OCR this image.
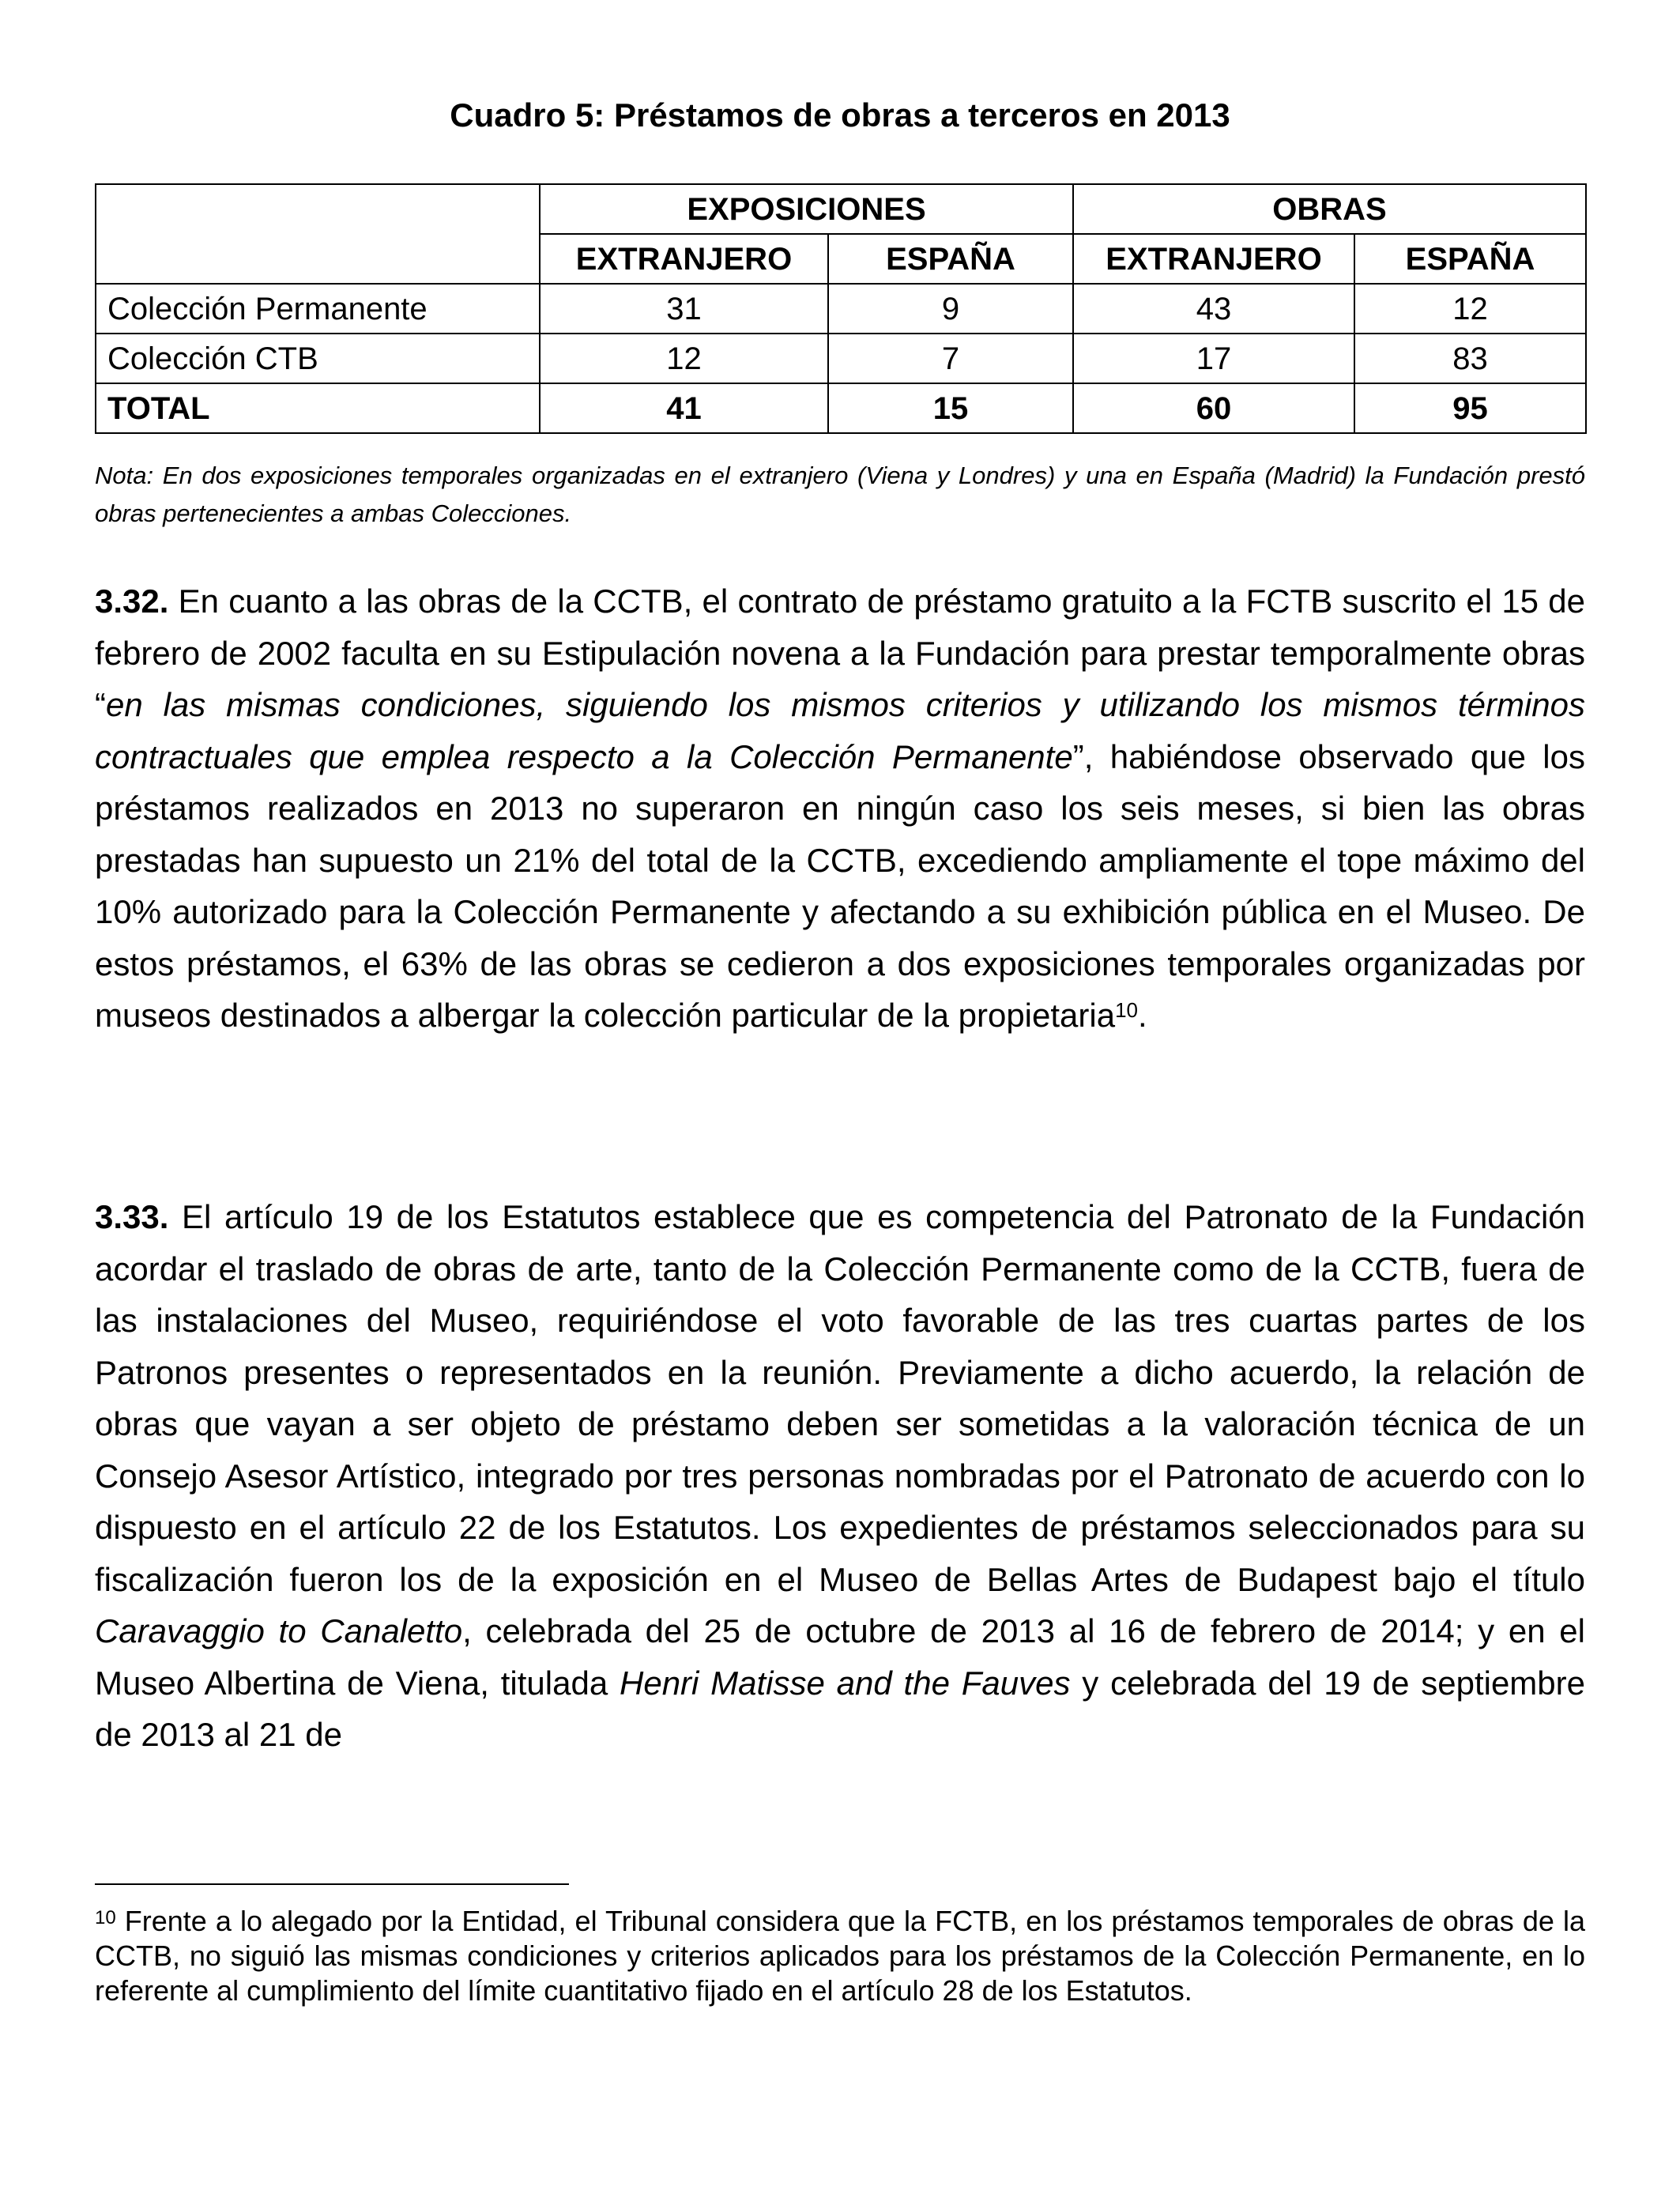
Cuadro 5: Préstamos de obras a terceros en 2013
	EXPOSICIONES		OBRAS	
	EXTRANJERO	ESPAÑA	EXTRANJERO	ESPAÑA
Colección Permanente	31	9	43	12
Colección CTB	12	7	17	83
TOTAL	41	15	60	95
Nota: En dos exposiciones temporales organizadas en el extranjero (Viena y Londres) y una en España (Madrid) la Fundación prestó obras pertenecientes a ambas Colecciones.
3.32. En cuanto a las obras de la CCTB, el contrato de préstamo gratuito a la FCTB suscrito el 15 de febrero de 2002 faculta en su Estipulación novena a la Fundación para prestar temporalmente obras “en las mismas condiciones, siguiendo los mismos criterios y utilizando los mismos términos contractuales que emplea respecto a la Colección Permanente”, habiéndose observado que los préstamos realizados en 2013 no superaron en ningún caso los seis meses, si bien las obras prestadas han supuesto un 21% del total de la CCTB, excediendo ampliamente el tope máximo del 10% autorizado para la Colección Permanente y afectando a su exhibición pública en el Museo. De estos préstamos, el 63% de las obras se cedieron a dos exposiciones temporales organizadas por museos destinados a albergar la colección particular de la propietaria$^{10}$.
3.33. El artículo 19 de los Estatutos establece que es competencia del Patronato de la Fundación acordar el traslado de obras de arte, tanto de la Colección Permanente como de la CCTB, fuera de las instalaciones del Museo, requiriéndose el voto favorable de las tres cuartas partes de los Patronos presentes o representados en la reunión. Previamente a dicho acuerdo, la relación de obras que vayan a ser objeto de préstamo deben ser sometidas a la valoración técnica de un Consejo Asesor Artístico, integrado por tres personas nombradas por el Patronato de acuerdo con lo dispuesto en el artículo 22 de los Estatutos. Los expedientes de préstamos seleccionados para su fiscalización fueron los de la exposición en el Museo de Bellas Artes de Budapest bajo el título Caravaggio to Canaletto, celebrada del 25 de octubre de 2013 al 16 de febrero de 2014; y en el Museo Albertina de Viena, titulada Henri Matisse and the Fauves y celebrada del 19 de septiembre de 2013 al 21 de
$^{10}$ Frente a lo alegado por la Entidad, el Tribunal considera que la FCTB, en los préstamos temporales de obras de la CCTB, no siguió las mismas condiciones y criterios aplicados para los préstamos de la Colección Permanente, en lo referente al cumplimiento del límite cuantitativo fijado en el artículo 28 de los Estatutos.
